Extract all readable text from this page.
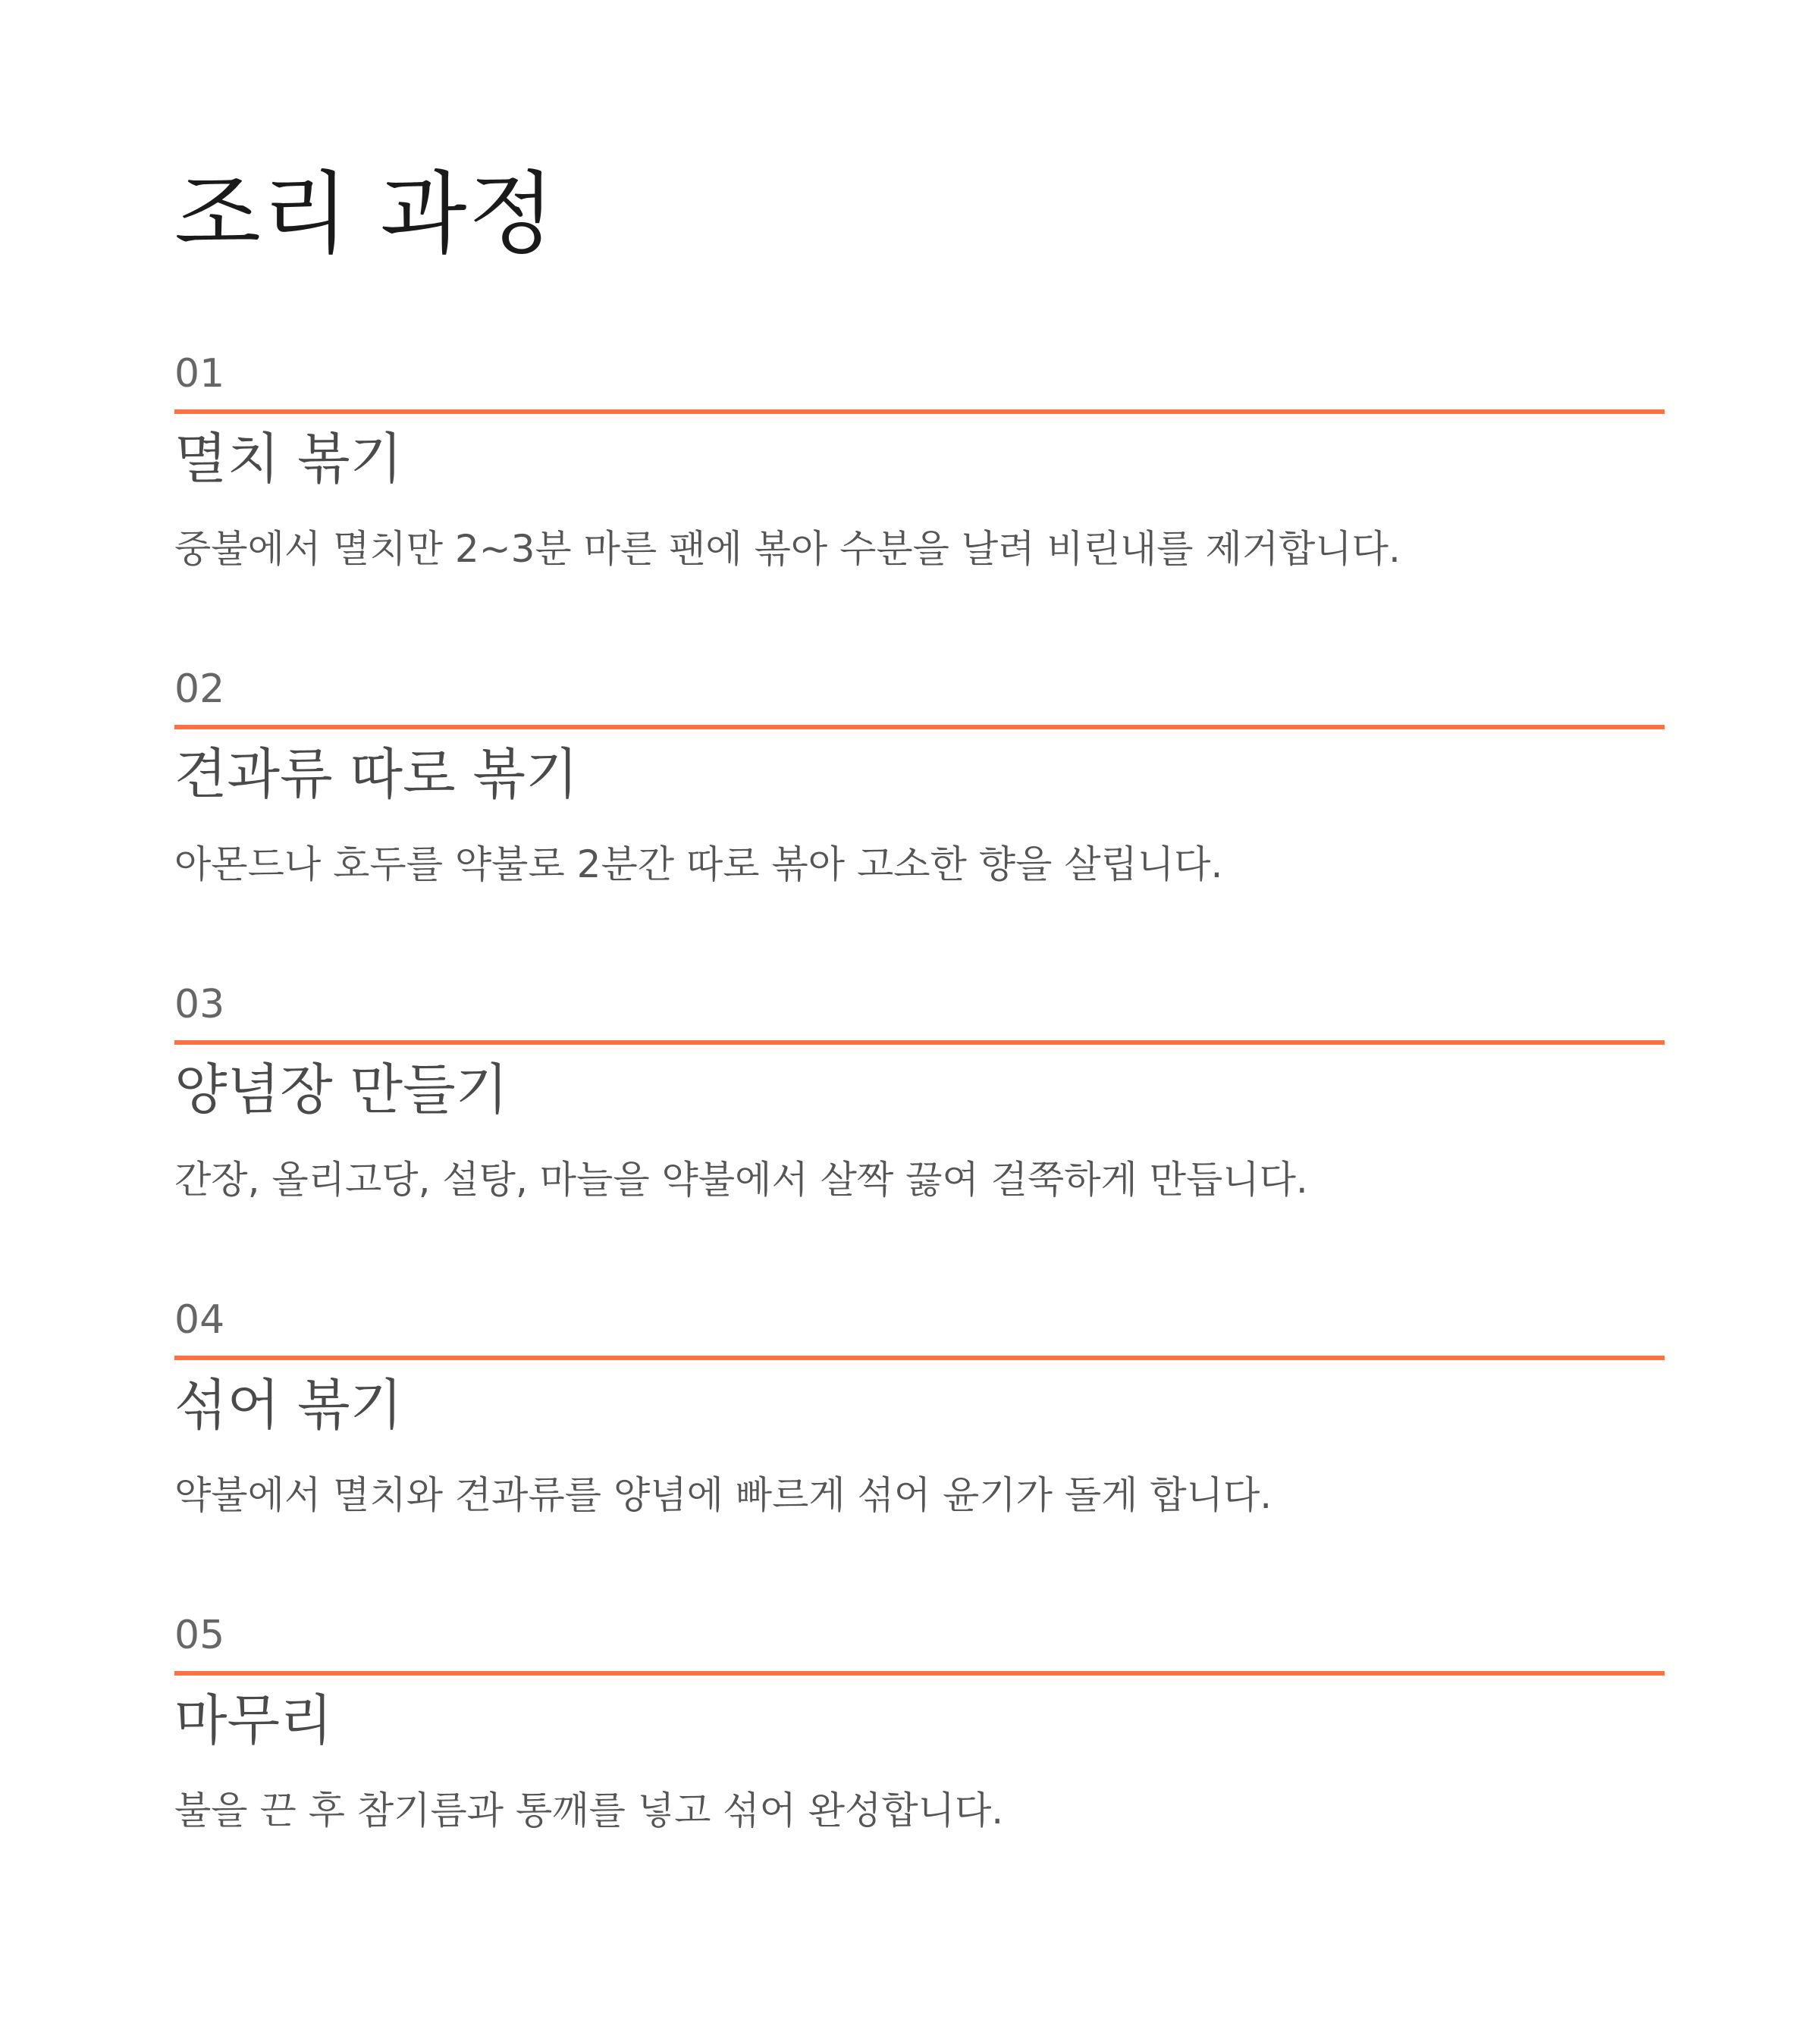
조리 과정
01
멸치 볶기

중불에서 멸치만 2~3분 마른 팬에 볶아 수분을 날려 비린내를 제거합니다.

02
견과류 따로 볶기

아몬드나 호두를 약불로 2분간 따로 볶아 고소한 향을 살립니다.

03
양념장 만들기

간장, 올리고당, 설탕, 마늘을 약불에서 살짝 끓여 걸쭉하게 만듭니다.

04
섞어 볶기

약불에서 멸치와 견과류를 양념에 빠르게 섞어 윤기가 돌게 합니다.

05
마무리

불을 끈 후 참기름과 통깨를 넣고 섞어 완성합니다.
